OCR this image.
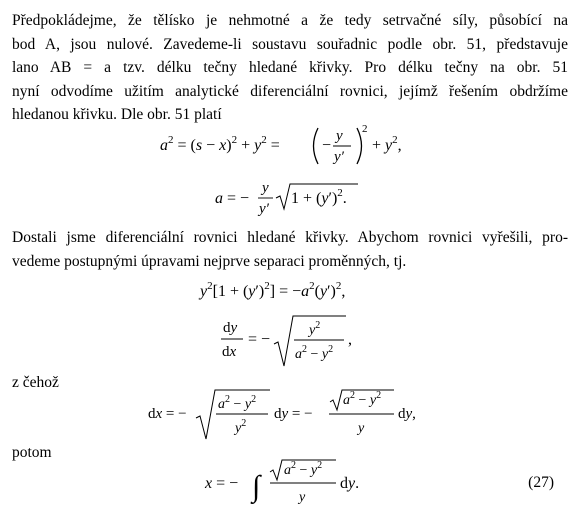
Předpokládejme, že tělísko je nehmotné a že tedy setrvačné síly, působící na
bod A, jsou nulové. Zavedeme-li soustavu souřadnic podle obr. 51, představuje
lano AB = a tzv. délku tečny hledané křivky. Pro délku tečny na obr. 51
nyní odvodíme užitím analytické diferenciální rovnici, jejímž řešením obdržíme
hledanou křivku. Dle obr. 51 platí
$a^2 = (s - x)^2 + y^2$ =	−
y
y′
2
+ $y^2$,
a = −
y
y′
$1 + (y')^2$.
Dostali jsme diferenciální rovnici hledané křivky. Abychom rovnici vyřešili, pro-
vedeme postupnými úpravami nejprve separaci proměnných, tj.
$y^2[1 + (y')^2] = -a^2(y')^2$,
dy
dx
= −
$y^2$
$a^2 - y^2$
,
z čehož
dx = −
$a^2 - y^2$
$y^2$
dy = −
$a^2 - y^2$
y
dy,
potom
x = − ∫ $a^2 - y^2$
y
dy.	(27)
